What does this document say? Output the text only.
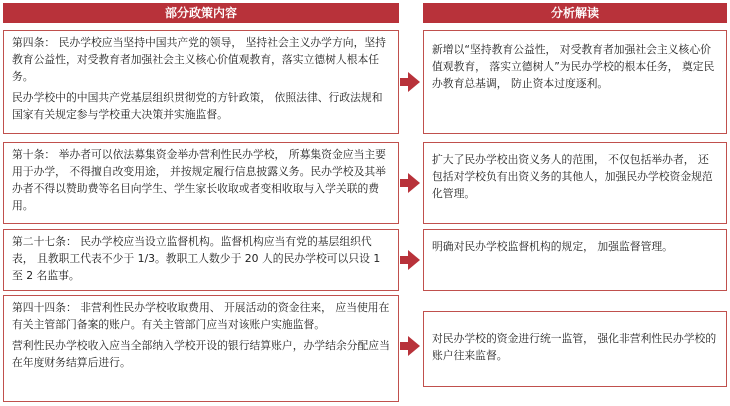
部分政策内容	分析解读

第四条： 民办学校应当坚持中国共产党的领导， 坚持社会主义办学方向，坚持教育公益性，对受教育者加强社会主义核心价值观教育，落实立德树人根本任务。

民办学校中的中国共产党基层组织贯彻党的方针政策， 依照法律、行政法规和国家有关规定参与学校重大决策并实施监督。

新增以“坚持教育公益性， 对受教育者加强社会主义核心价值观教育， 落实立德树人”为民办学校的根本任务， 奠定民办教育总基调， 防止资本过度逐利。

第十条： 举办者可以依法募集资金举办营利性民办学校， 所募集资金应当主要用于办学， 不得擅自改变用途， 并按规定履行信息披露义务。民办学校及其举办者不得以赞助费等名目向学生、学生家长收取或者变相收取与入学关联的费用。

扩大了民办学校出资义务人的范围， 不仅包括举办者， 还包括对学校负有出资义务的其他人，加强民办学校资金规范化管理。

第二十七条： 民办学校应当设立监督机构。监督机构应当有党的基层组织代表， 且教职工代表不少于 1/3。教职工人数少于 20 人的民办学校可以只设 1 至 2 名监事。

明确对民办学校监督机构的规定， 加强监督管理。

第四十四条： 非营利性民办学校收取费用、 开展活动的资金往来， 应当使用在有关主管部门备案的账户。有关主管部门应当对该账户实施监督。

营利性民办学校收入应当全部纳入学校开设的银行结算账户，办学结余分配应当在年度财务结算后进行。

对民办学校的资金进行统一监管， 强化非营利性民办学校的账户往来监督。
